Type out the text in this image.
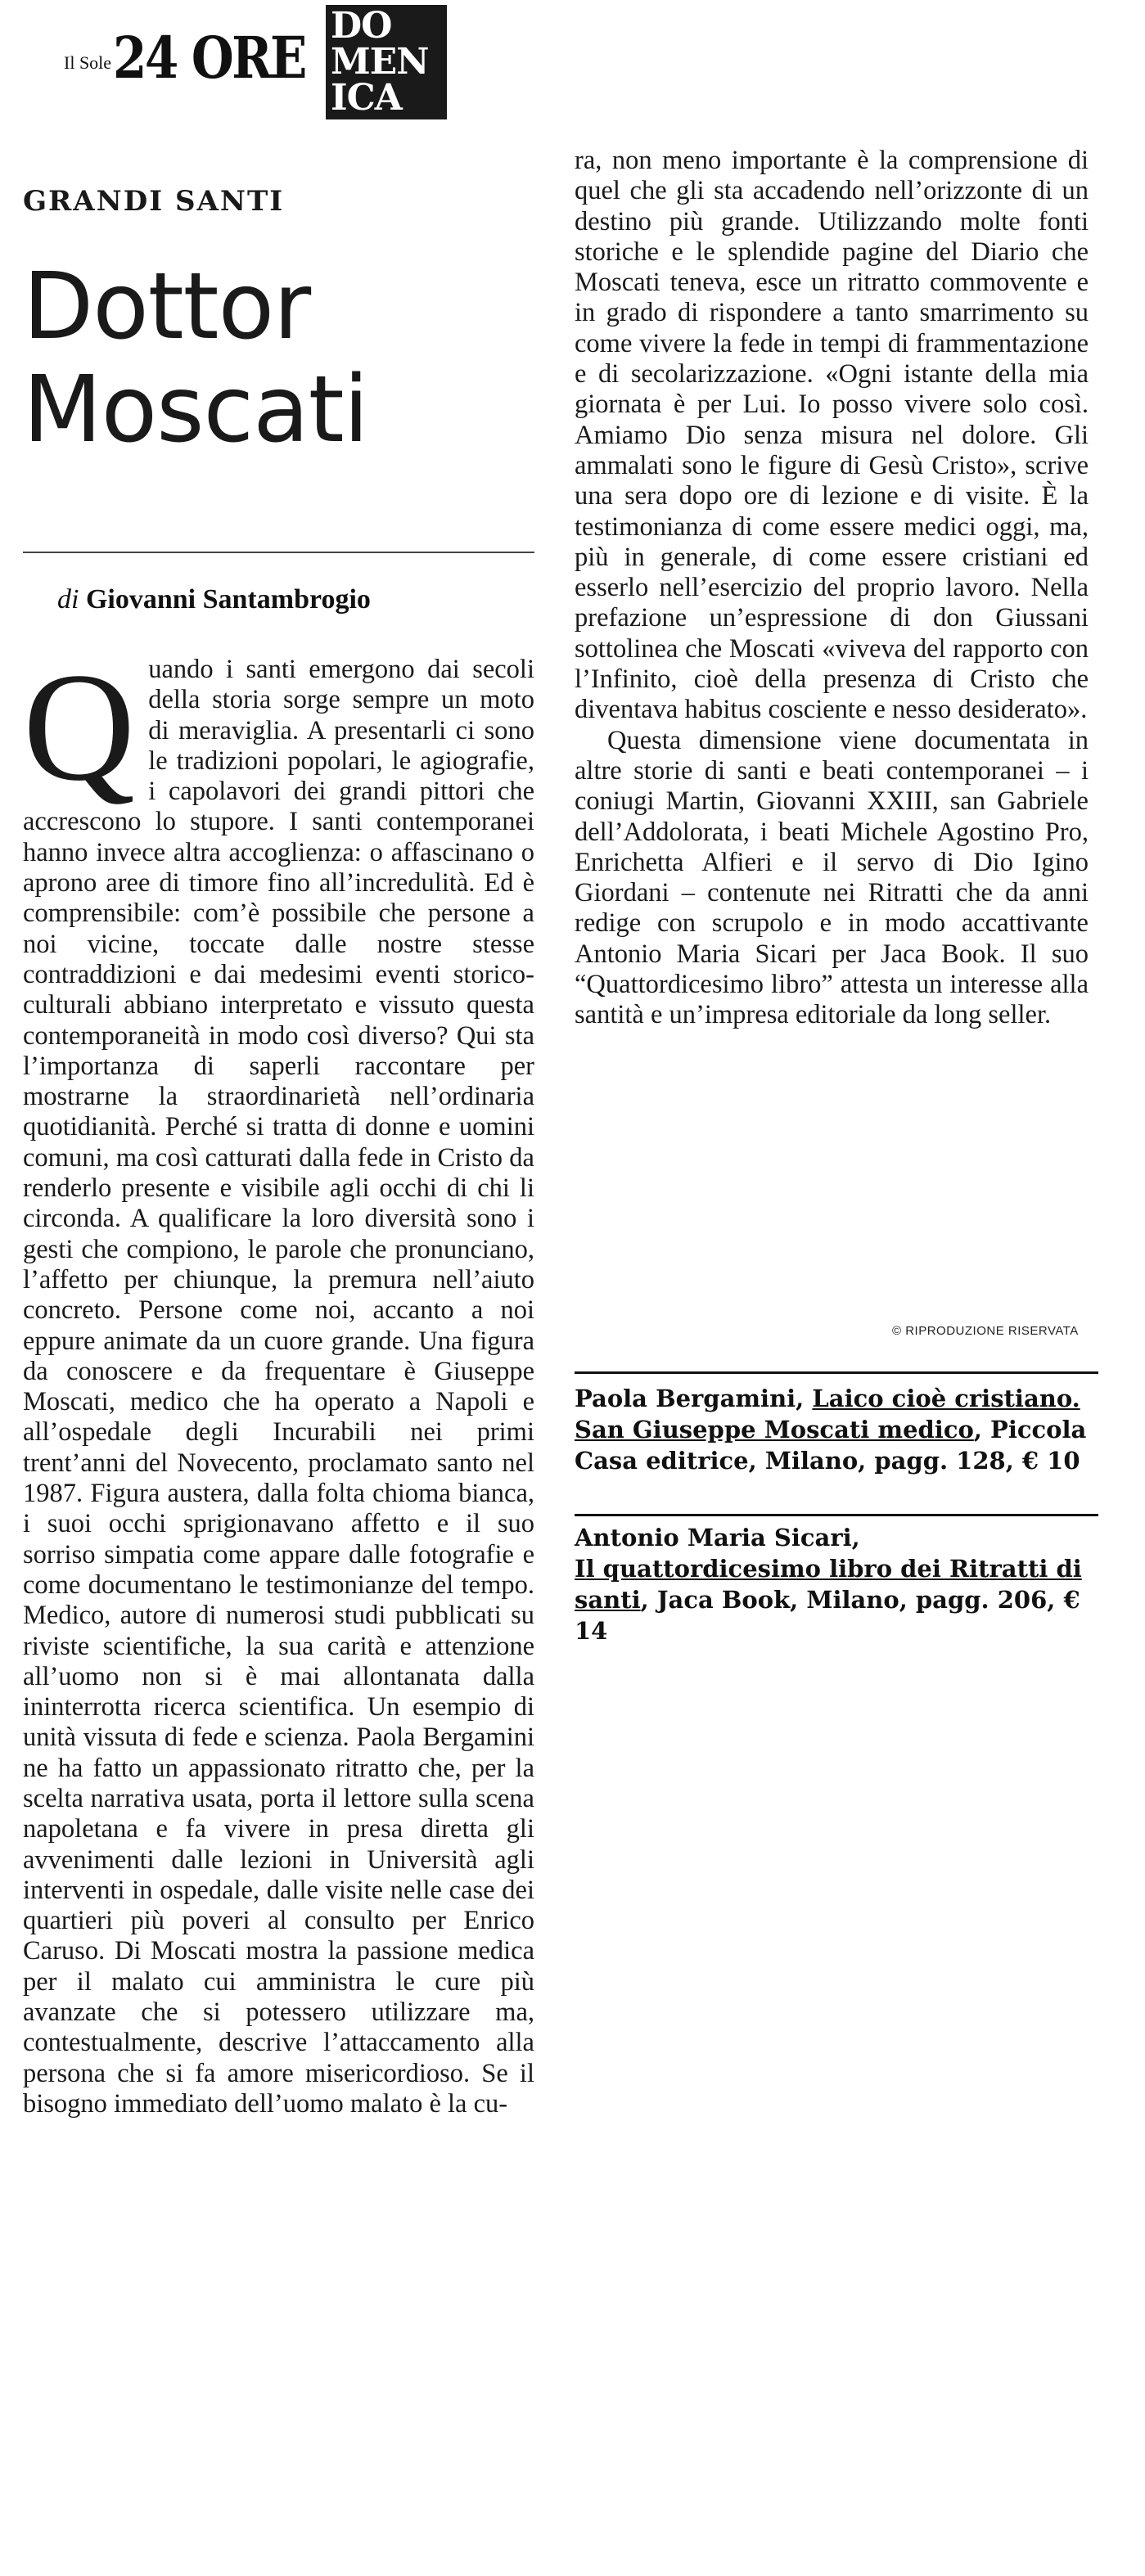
Il Sole 24 ORE DO
MEN
ICA
GRANDI SANTI
Dottor
Moscati
di Giovanni Santambrogio

Quando i santi emergono dai secoli della storia sorge sempre un moto di meraviglia. A presentarli ci sono le tradizioni popolari, le agiografie, i capolavori dei grandi pittori che accrescono lo stupore. I santi contemporanei hanno invece altra accoglienza: o affascinano o aprono aree di timore fino all’incredulità. Ed è comprensibile: com’è possibile che persone a noi vicine, toccate dalle nostre stesse contraddizioni e dai medesimi eventi storico-culturali abbiano interpretato e vissuto questa contemporaneità in modo così diverso? Qui sta l’importanza di saperli raccontare per mostrarne la straordinarietà nell’ordinaria quotidianità. Perché si tratta di donne e uomini comuni, ma così catturati dalla fede in Cristo da renderlo presente e visibile agli occhi di chi li circonda. A qualificare la loro diversità sono i gesti che compiono, le parole che pronunciano, l’affetto per chiunque, la premura nell’aiuto concreto. Persone come noi, accanto a noi eppure animate da un cuore grande. Una figura da conoscere e da frequentare è Giuseppe Moscati, medico che ha operato a Napoli e all’ospedale degli Incurabili nei primi trent’anni del Novecento, proclamato santo nel 1987. Figura austera, dalla folta chioma bianca, i suoi occhi sprigionavano affetto e il suo sorriso simpatia come appare dalle fotografie e come documentano le testimonianze del tempo. Medico, autore di numerosi studi pubblicati su riviste scientifiche, la sua carità e attenzione all’uomo non si è mai allontanata dalla ininterrotta ricerca scientifica. Un esempio di unità vissuta di fede e scienza. Paola Bergamini ne ha fatto un appassionato ritratto che, per la scelta narrativa usata, porta il lettore sulla scena napoletana e fa vivere in presa diretta gli avvenimenti dalle lezioni in Università agli interventi in ospedale, dalle visite nelle case dei quartieri più poveri al consulto per Enrico Caruso. Di Moscati mostra la passione medica per il malato cui amministra le cure più avanzate che si potessero utilizzare ma, contestualmente, descrive l’attaccamento alla persona che si fa amore misericordioso. Se il bisogno immediato dell’uomo malato è la cu-

ra, non meno importante è la comprensione di quel che gli sta accadendo nell’orizzonte di un destino più grande. Utilizzando molte fonti storiche e le splendide pagine del Diario che Moscati teneva, esce un ritratto commovente e in grado di rispondere a tanto smarrimento su come vivere la fede in tempi di frammentazione e di secolarizzazione. «Ogni istante della mia giornata è per Lui. Io posso vivere solo così. Amiamo Dio senza misura nel dolore. Gli ammalati sono le figure di Gesù Cristo», scrive una sera dopo ore di lezione e di visite. È la testimonianza di come essere medici oggi, ma, più in generale, di come essere cristiani ed esserlo nell’esercizio del proprio lavoro. Nella prefazione un’espressione di don Giussani sottolinea che Moscati «viveva del rapporto con l’Infinito, cioè della presenza di Cristo che diventava habitus cosciente e nesso desiderato».

Questa dimensione viene documentata in altre storie di santi e beati contemporanei – i coniugi Martin, Giovanni XXIII, san Gabriele dell’Addolorata, i beati Michele Agostino Pro, Enrichetta Alfieri e il servo di Dio Igino Giordani – contenute nei Ritratti che da anni redige con scrupolo e in modo accattivante Antonio Maria Sicari per Jaca Book. Il suo “Quattordicesimo libro” attesta un interesse alla santità e un’impresa editoriale da long seller.

© RIPRODUZIONE RISERVATA
Paola Bergamini, Laico cioè cristiano. San Giuseppe Moscati medico, Piccola Casa editrice, Milano, pagg. 128, € 10
Antonio Maria Sicari,
Il quattordicesimo libro dei Ritratti di santi, Jaca Book, Milano, pagg. 206, € 14
